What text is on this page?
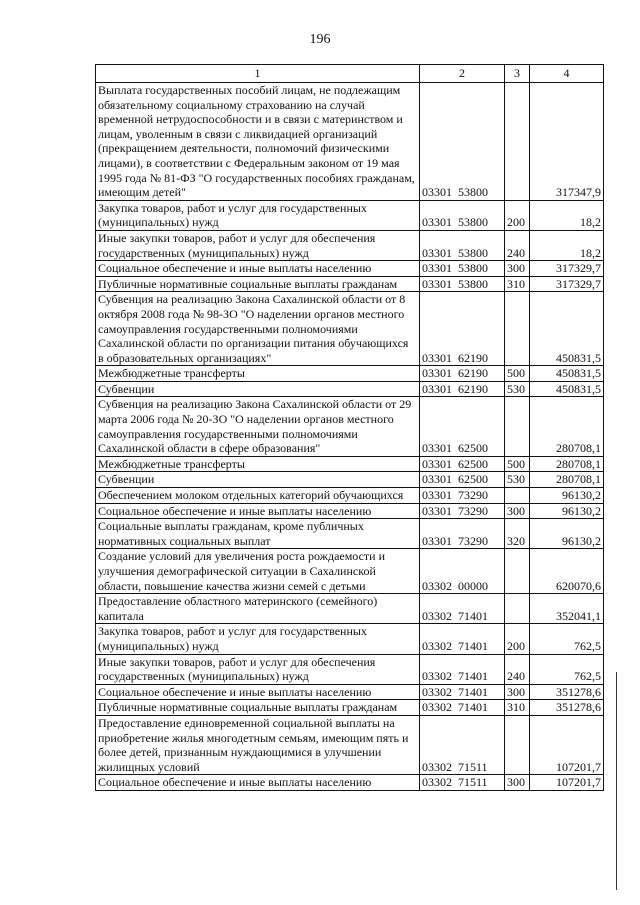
196
1	2	3	4
Выплата государственных пособий лицам, не подлежащим обязательному социальному страхованию на случай временной нетрудоспособности и в связи с материнством и лицам, уволенным в связи с ликвидацией организаций (прекращением деятельности, полномочий физическими лицами), в соответствии с Федеральным законом от 19 мая 1995 года № 81-ФЗ "О государственных пособиях гражданам, имеющим детей"	03301 53800		317347,9
Закупка товаров, работ и услуг для государственных (муниципальных) нужд	03301 53800	200	18,2
Иные закупки товаров, работ и услуг для обеспечения государственных (муниципальных) нужд	03301 53800	240	18,2
Социальное обеспечение и иные выплаты населению	03301 53800	300	317329,7
Публичные нормативные социальные выплаты гражданам	03301 53800	310	317329,7
Субвенция на реализацию Закона Сахалинской области от 8 октября 2008 года № 98-ЗО "О наделении органов местного самоуправления государственными полномочиями Сахалинской области по организации питания обучающихся в образовательных организациях"	03301 62190		450831,5
Межбюджетные трансферты	03301 62190	500	450831,5
Субвенции	03301 62190	530	450831,5
Субвенция на реализацию Закона Сахалинской области от 29 марта 2006 года № 20-ЗО "О наделении органов местного самоуправления государственными полномочиями Сахалинской области в сфере образования"	03301 62500		280708,1
Межбюджетные трансферты	03301 62500	500	280708,1
Субвенции	03301 62500	530	280708,1
Обеспечением молоком отдельных категорий обучающихся	03301 73290		96130,2
Социальное обеспечение и иные выплаты населению	03301 73290	300	96130,2
Социальные выплаты гражданам, кроме публичных нормативных социальных выплат	03301 73290	320	96130,2
Создание условий для увеличения роста рождаемости и улучшения демографической ситуации в Сахалинской области, повышение качества жизни семей с детьми	03302 00000		620070,6
Предоставление областного материнского (семейного) капитала	03302 71401		352041,1
Закупка товаров, работ и услуг для государственных (муниципальных) нужд	03302 71401	200	762,5
Иные закупки товаров, работ и услуг для обеспечения государственных (муниципальных) нужд	03302 71401	240	762,5
Социальное обеспечение и иные выплаты населению	03302 71401	300	351278,6
Публичные нормативные социальные выплаты гражданам	03302 71401	310	351278,6
Предоставление единовременной социальной выплаты на приобретение жилья многодетным семьям, имеющим пять и более детей, признанным нуждающимися в улучшении жилищных условий	03302 71511		107201,7
Социальное обеспечение и иные выплаты населению	03302 71511	300	107201,7
